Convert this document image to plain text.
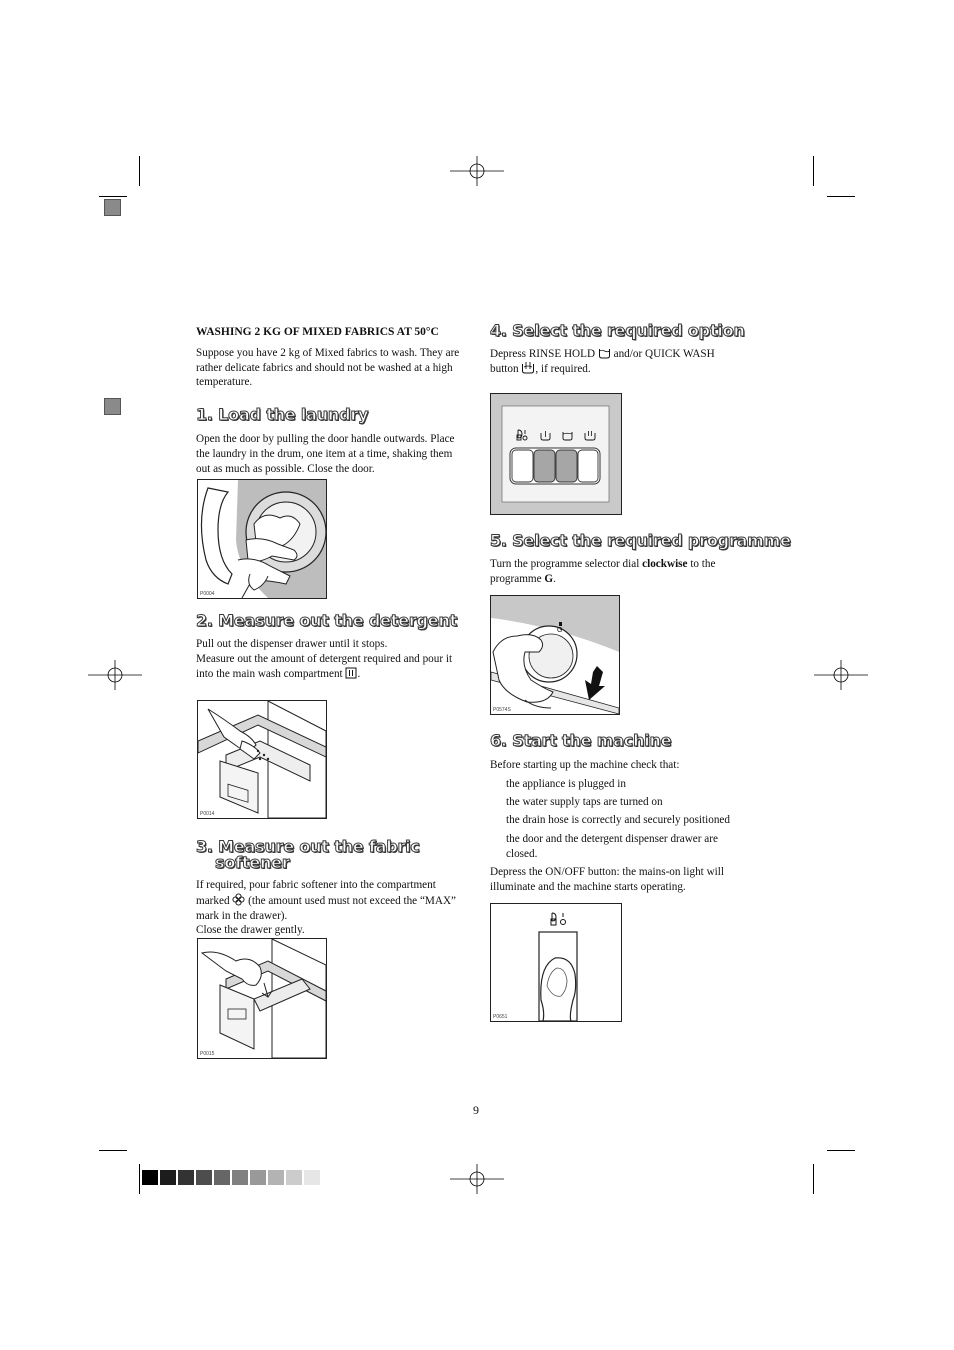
WASHING 2 KG OF MIXED FABRICS AT 50°C

Suppose you have 2 kg of Mixed fabrics to wash. They are rather delicate fabrics and should not be washed at a high temperature.

1. Load the laundry

Open the door by pulling the door handle outwards. Place the laundry in the drum, one item at a time, shaking them out as much as possible. Close the door.

P0004
2. Measure out the detergent

Pull out the dispenser drawer until it stops.

Measure out the amount of detergent required and pour it into the main wash compartment .

P0014
3. Measure out the fabric
softener

If required, pour fabric softener into the compartment marked (the amount used must not exceed the “MAX” mark in the drawer).

Close the drawer gently.

P0015
4. Select the required option

Depress RINSE HOLD and/or QUICK WASH button , if required.

5. Select the required programme

Turn the programme selector dial clockwise to the programme G.

G
P0574S
6. Start the machine

Before starting up the machine check that:

the appliance is plugged in

the water supply taps are turned on

the drain hose is correctly and securely positioned

the door and the detergent dispenser drawer are closed.

Depress the ON/OFF button: the mains-on light will illuminate and the machine starts operating.

P0651
9
